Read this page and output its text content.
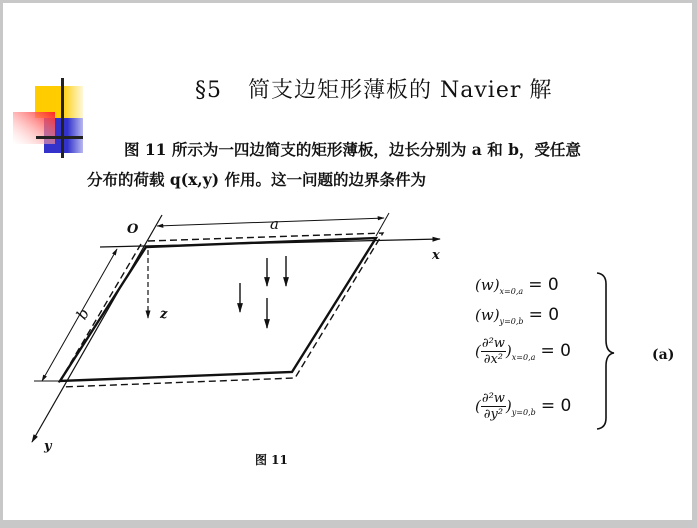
§5 简支边矩形薄板的 Navier 解
图 11 所示为一四边简支的矩形薄板，边长分别为 a 和 b，受任意
分布的荷载 q(x,y) 作用。这一问题的边界条件为
O	a
x
y
z
b
图 11
$(w)_{x=0,a} = 0$
$(w)_{y=0,b} = 0$
( $\frac{\text{∂²w}}{\text{∂x²}} )_{x=0,a} = 0$
( $\frac{\text{∂²w}}{\text{∂y²}} )_{y=0,b} = 0$
(a)
